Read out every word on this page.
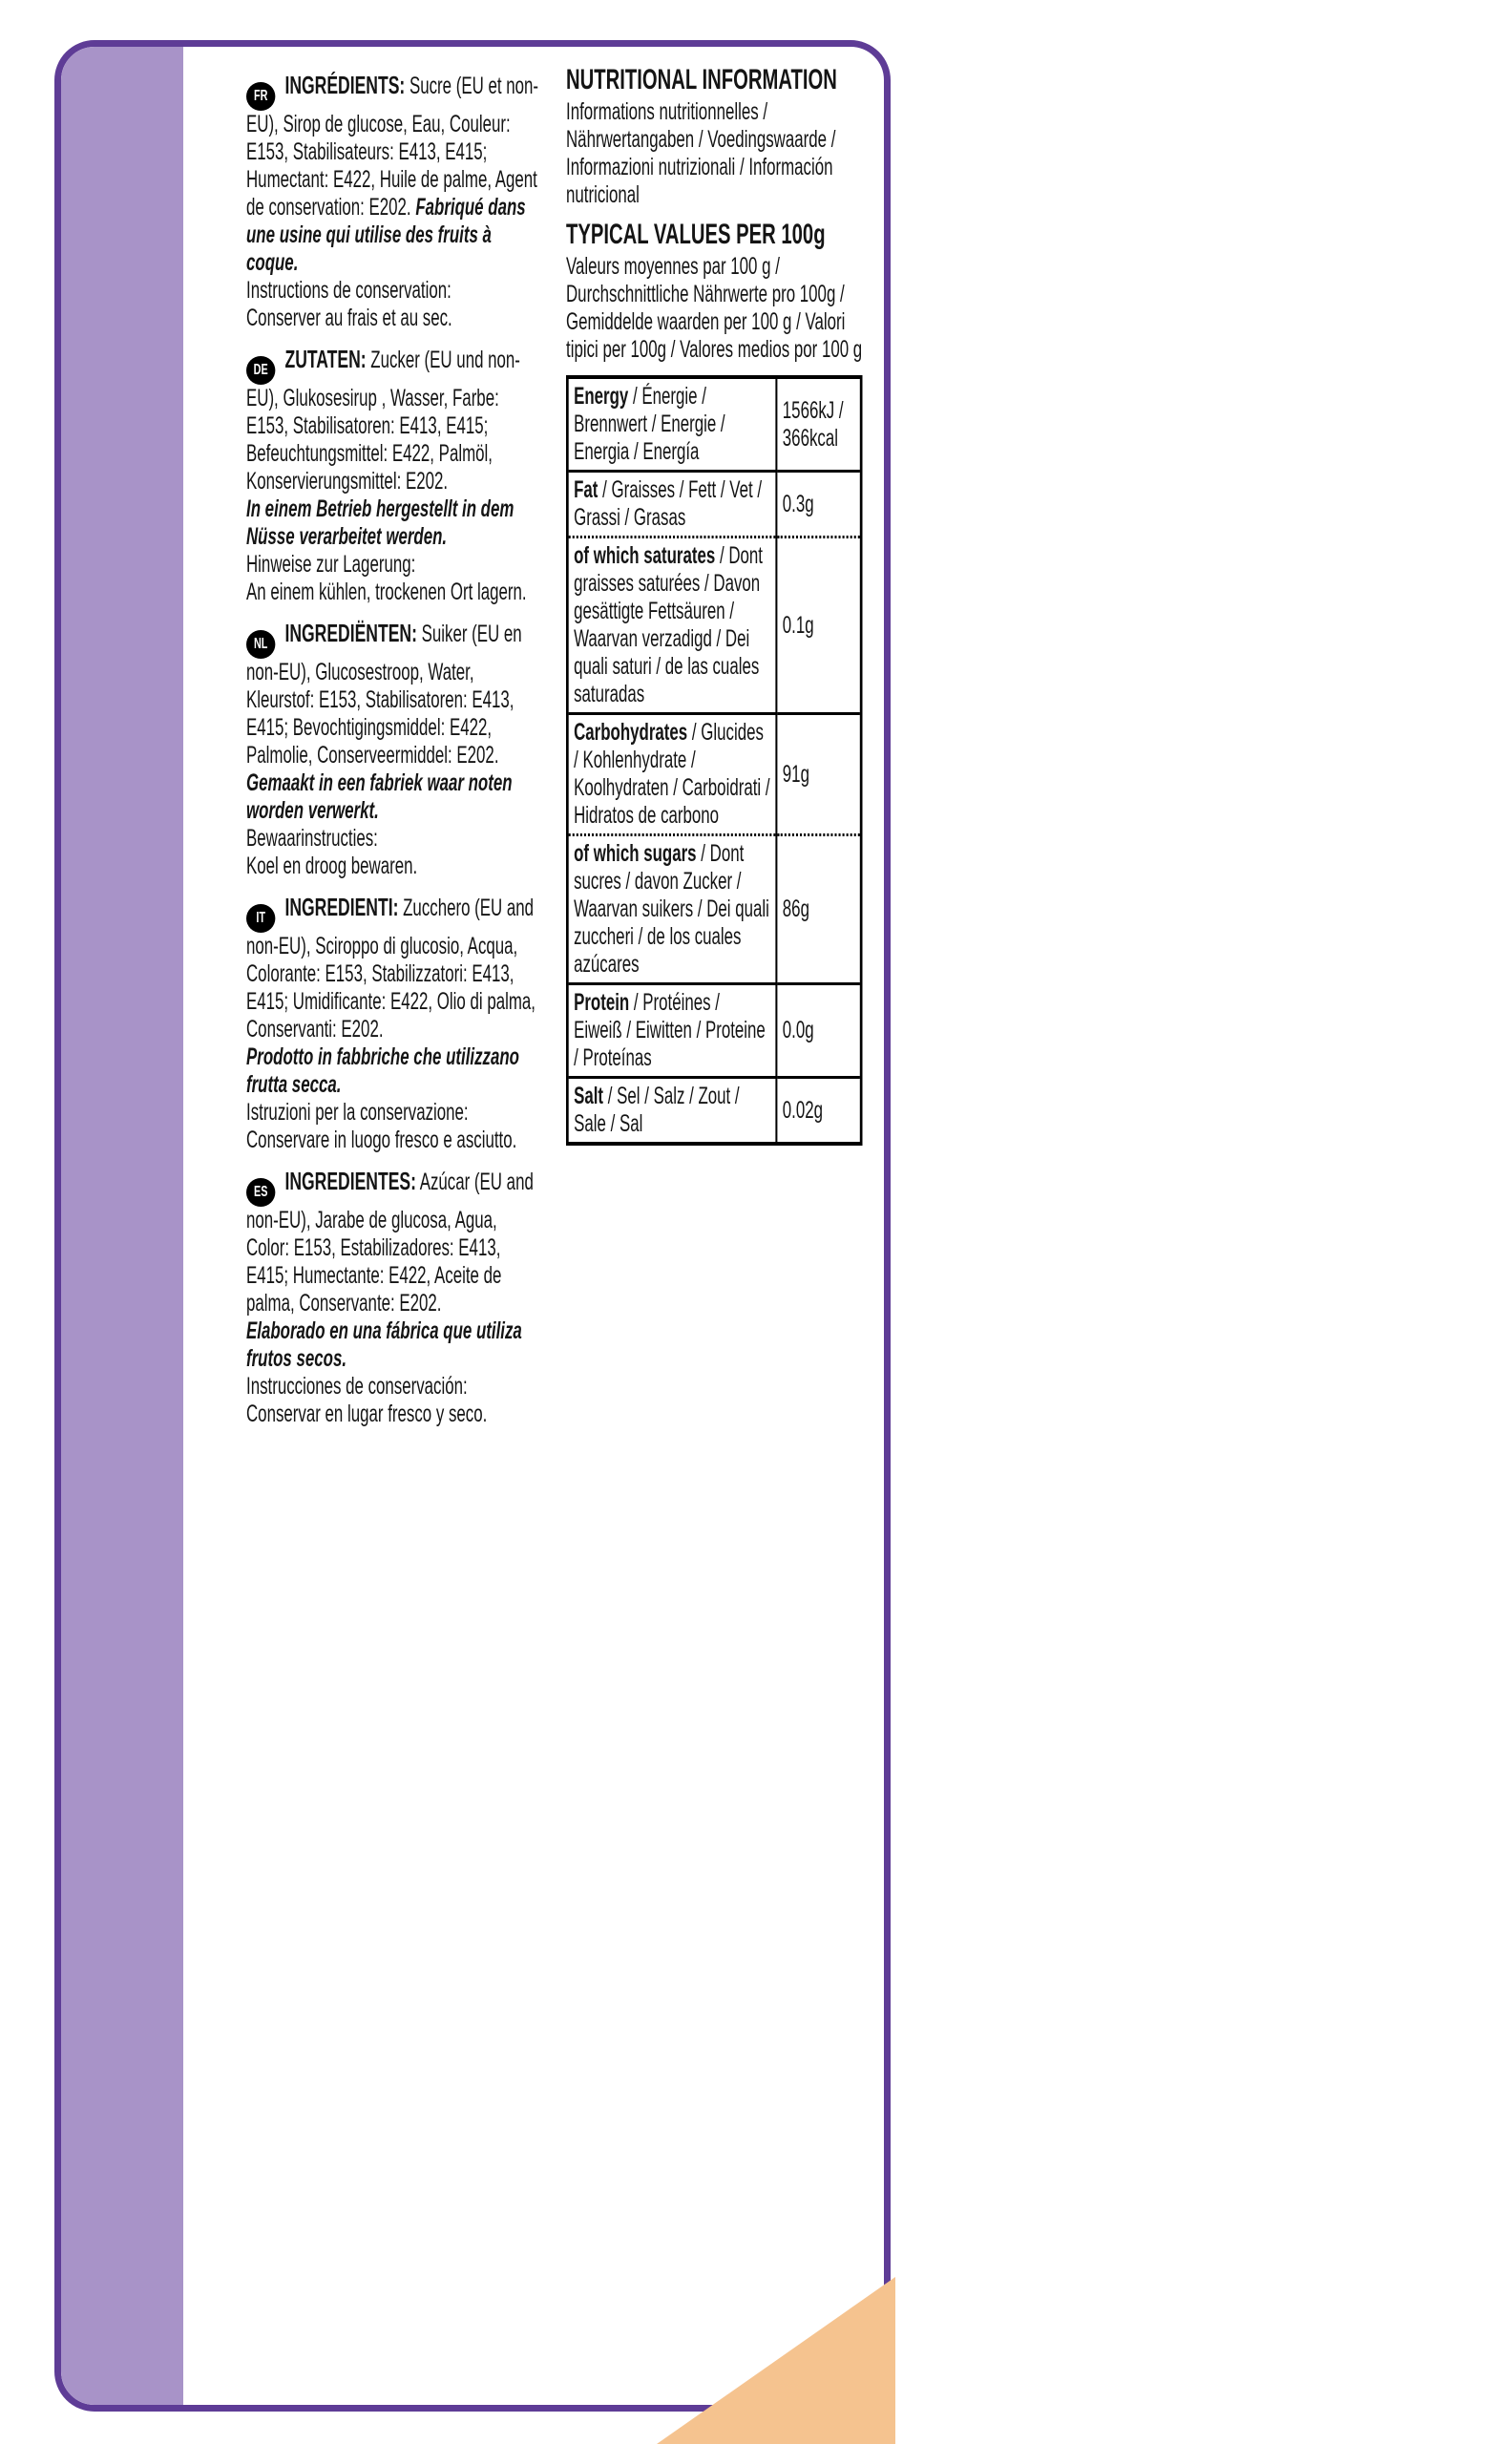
FR INGRÉDIENTS: Sucre (EU et non-EU), Sirop de glucose, Eau, Couleur: E153, Stabilisateurs: E413, E415; Humectant: E422, Huile de palme, Agent de conservation: E202. Fabriqué dans une usine qui utilise des fruits à coque.

Instructions de conservation:

Conserver au frais et au sec.

DE ZUTATEN: Zucker (EU und non-EU), Glukosesirup , Wasser, Farbe: E153, Stabilisatoren: E413, E415; Befeuchtungsmittel: E422, Palmöl, Konservierungsmittel: E202.
In einem Betrieb hergestellt in dem Nüsse verarbeitet werden.

Hinweise zur Lagerung:

An einem kühlen, trockenen Ort lagern.

NL INGREDIËNTEN: Suiker (EU en non-EU), Glucosestroop, Water, Kleurstof: E153, Stabilisatoren: E413, E415; Bevochtigingsmiddel: E422, Palmolie, Conserveermiddel: E202.
Gemaakt in een fabriek waar noten worden verwerkt.

Bewaarinstructies:

Koel en droog bewaren.

IT INGREDIENTI: Zucchero (EU and non-EU), Sciroppo di glucosio, Acqua, Colorante: E153, Stabilizzatori: E413, E415; Umidificante: E422, Olio di palma, Conservanti: E202.
Prodotto in fabbriche che utilizzano frutta secca.

Istruzioni per la conservazione:

Conservare in luogo fresco e asciutto.

ES INGREDIENTES: Azúcar (EU and non-EU), Jarabe de glucosa, Agua, Color: E153, Estabilizadores: E413, E415; Humectante: E422, Aceite de palma, Conservante: E202.
Elaborado en una fábrica que utiliza frutos secos.

Instrucciones de conservación:

Conservar en lugar fresco y seco.

NUTRITIONAL INFORMATION

Informations nutritionnelles / Nährwertangaben / Voedingswaarde / Informazioni nutrizionali / Información nutricional

TYPICAL VALUES PER 100g

Valeurs moyennes par 100 g / Durchschnittliche Nährwerte pro 100g / Gemiddelde waarden per 100 g / Valori tipici per 100g / Valores medios por 100 g

Energy / Énergie / Brennwert / Energie / Energia / Energía	1566kJ / 366kcal
Fat / Graisses / Fett / Vet / Grassi / Grasas	0.3g
of which saturates / Dont graisses saturées / Davon gesättigte Fettsäuren / Waarvan verzadigd / Dei quali saturi / de las cuales saturadas	0.1g
Carbohydrates / Glucides / Kohlenhydrate / Koolhydraten / Carboidrati / Hidratos de carbono	91g
of which sugars / Dont sucres / davon Zucker / Waarvan suikers / Dei quali zuccheri / de los cuales azúcares	86g
Protein / Protéines / Eiweiß / Eiwitten / Proteine / Proteínas	0.0g
Salt / Sel / Salz / Zout / Sale / Sal	0.02g
